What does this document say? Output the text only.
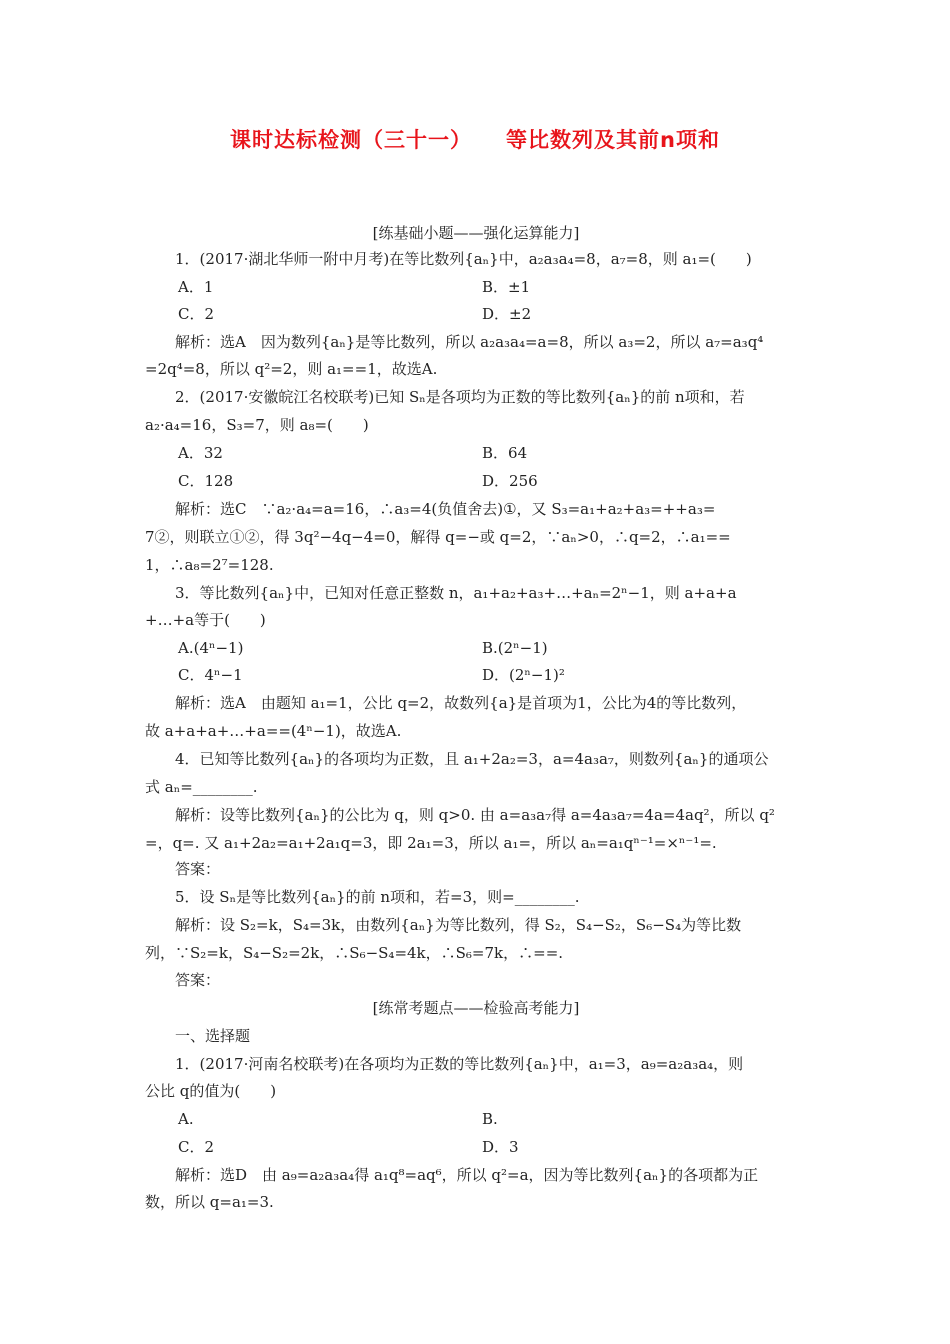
课时达标检测（三十一） 等比数列及其前n项和
[练基础小题——强化运算能力]
1．(2017·湖北华师一附中月考)在等比数列{aₙ}中，a₂a₃a₄=8，a₇=8，则 a₁=(　　)
A．1	B．±1
C．2	D．±2
解析：选A　因为数列{aₙ}是等比数列，所以 a₂a₃a₄=a=8，所以 a₃=2，所以 a₇=a₃q⁴
=2q⁴=8，所以 q²=2，则 a₁==1，故选A.
2．(2017·安徽皖江名校联考)已知 Sₙ是各项均为正数的等比数列{aₙ}的前 n项和，若
a₂·a₄=16，S₃=7，则 a₈=(　　)
A．32	B．64
C．128	D．256
解析：选C　∵a₂·a₄=a=16，∴a₃=4(负值舍去)①，又 S₃=a₁+a₂+a₃=++a₃=
7②，则联立①②，得 3q²−4q−4=0，解得 q=−或 q=2，∵aₙ>0，∴q=2，∴a₁==
1，∴a₈=2⁷=128.
3．等比数列{aₙ}中，已知对任意正整数 n，a₁+a₂+a₃+…+aₙ=2ⁿ−1，则 a+a+a
+…+a等于(　　)
A.(4ⁿ−1)	B.(2ⁿ−1)
C．4ⁿ−1	D．(2ⁿ−1)²
解析：选A　由题知 a₁=1，公比 q=2，故数列{a}是首项为1，公比为4的等比数列，
故 a+a+a+…+a==(4ⁿ−1)，故选A.
4．已知等比数列{aₙ}的各项均为正数，且 a₁+2a₂=3，a=4a₃a₇，则数列{aₙ}的通项公
式 aₙ=________.
解析：设等比数列{aₙ}的公比为 q，则 q>0. 由 a=a₃a₇得 a=4a₃a₇=4a=4aq²，所以 q²
=，q=. 又 a₁+2a₂=a₁+2a₁q=3，即 2a₁=3，所以 a₁=，所以 aₙ=a₁qⁿ⁻¹=×ⁿ⁻¹=.
答案：
5．设 Sₙ是等比数列{aₙ}的前 n项和，若=3，则=________.
解析：设 S₂=k，S₄=3k，由数列{aₙ}为等比数列，得 S₂，S₄−S₂，S₆−S₄为等比数
列，∵S₂=k，S₄−S₂=2k，∴S₆−S₄=4k，∴S₆=7k，∴==.
答案：
[练常考题点——检验高考能力]
一、选择题
1．(2017·河南名校联考)在各项均为正数的等比数列{aₙ}中，a₁=3，a₉=a₂a₃a₄，则
公比 q的值为(　　)
A.	B.
C．2	D．3
解析：选D　由 a₉=a₂a₃a₄得 a₁q⁸=aq⁶，所以 q²=a，因为等比数列{aₙ}的各项都为正
数，所以 q=a₁=3.
